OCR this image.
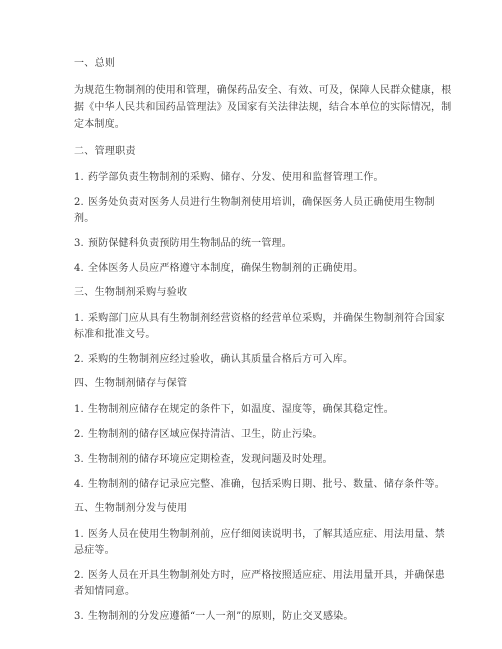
一、总则
为规范生物制剂的使用和管理，确保药品安全、有效、可及，保障人民群众健康，根据《中华人民共和国药品管理法》及国家有关法律法规，结合本单位的实际情况，制定本制度。
二、管理职责
1. 药学部负责生物制剂的采购、储存、分发、使用和监督管理工作。
2. 医务处负责对医务人员进行生物制剂使用培训，确保医务人员正确使用生物制剂。
3. 预防保健科负责预防用生物制品的统一管理。
4. 全体医务人员应严格遵守本制度，确保生物制剂的正确使用。
三、生物制剂采购与验收
1. 采购部门应从具有生物制剂经营资格的经营单位采购，并确保生物制剂符合国家标准和批准文号。
2. 采购的生物制剂应经过验收，确认其质量合格后方可入库。
四、生物制剂储存与保管
1. 生物制剂应储存在规定的条件下，如温度、湿度等，确保其稳定性。
2. 生物制剂的储存区域应保持清洁、卫生，防止污染。
3. 生物制剂的储存环境应定期检查，发现问题及时处理。
4. 生物制剂的储存记录应完整、准确，包括采购日期、批号、数量、储存条件等。
五、生物制剂分发与使用
1. 医务人员在使用生物制剂前，应仔细阅读说明书，了解其适应症、用法用量、禁忌症等。
2. 医务人员在开具生物制剂处方时，应严格按照适应症、用法用量开具，并确保患者知情同意。
3. 生物制剂的分发应遵循“一人一剂”的原则，防止交叉感染。
